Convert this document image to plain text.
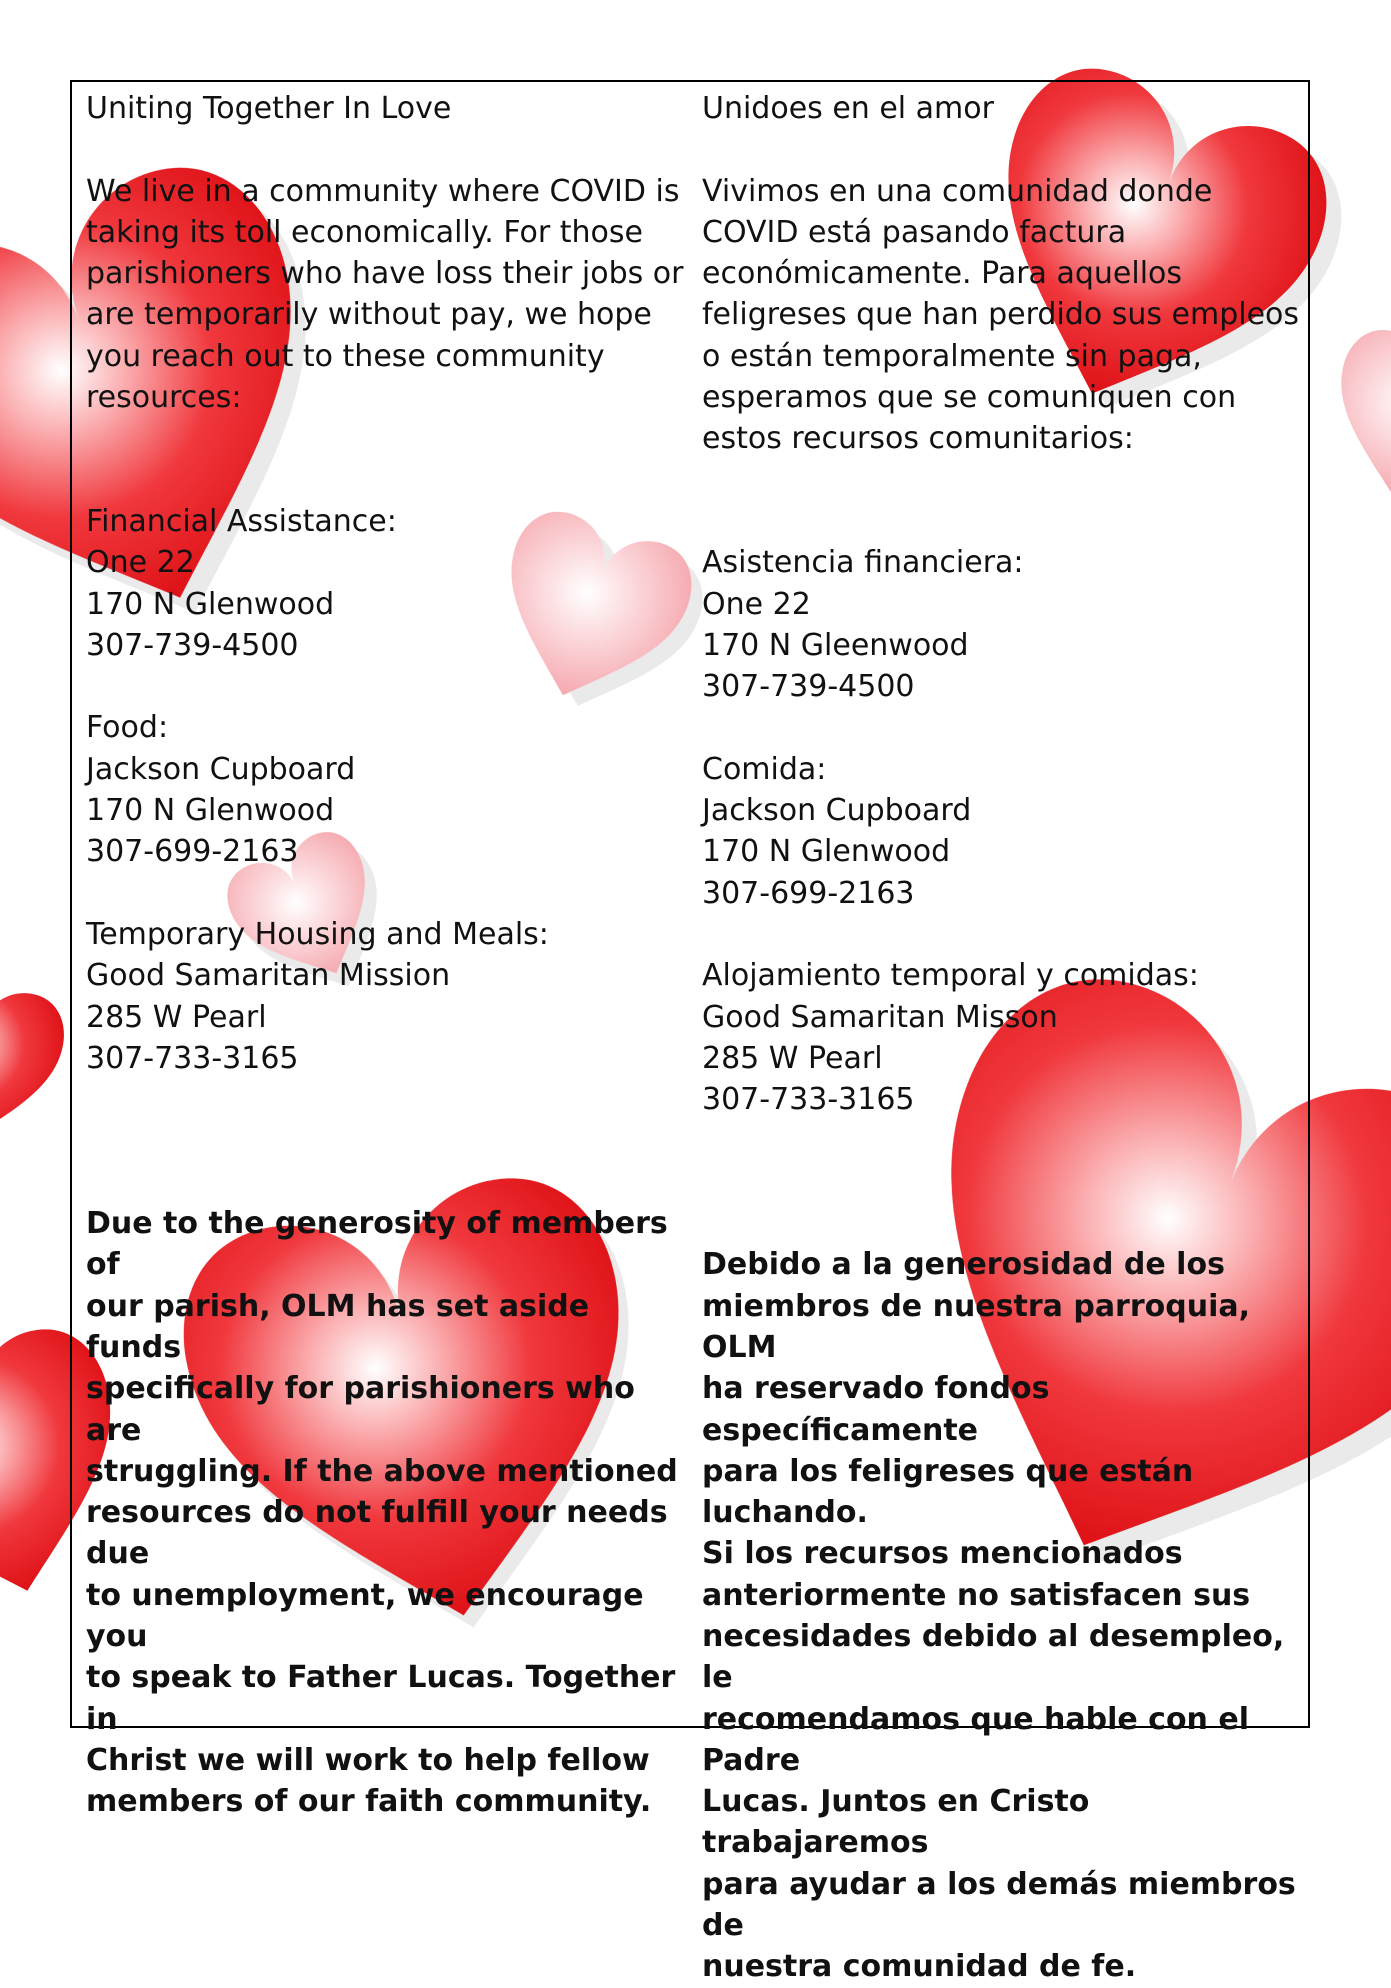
Uniting Together In Love

We live in a community where COVID is
taking its toll economically. For those
parishioners who have loss their jobs or
are temporarily without pay, we hope
you reach out to these community
resources:

Financial Assistance:
One 22
170 N Glenwood
307-739-4500
Food:
Jackson Cupboard
170 N Glenwood
307-699-2163
Temporary Housing and Meals:
Good Samaritan Mission
285 W Pearl
307-733-3165

Due to the generosity of members of
our parish, OLM has set aside funds
specifically for parishioners who are
struggling. If the above mentioned
resources do not fulfill your needs due
to unemployment, we encourage you
to speak to Father Lucas. Together in
Christ we will work to help fellow
members of our faith community.

Unidoes en el amor

Vivimos en una comunidad donde
COVID está pasando factura
económicamente. Para aquellos
feligreses que han perdido sus empleos
o están temporalmente sin paga,
esperamos que se comuniquen con
estos recursos comunitarios:

Asistencia financiera:
One 22
170 N Gleenwood
307-739-4500
Comida:
Jackson Cupboard
170 N Glenwood
307-699-2163
Alojamiento temporal y comidas:
Good Samaritan Misson
285 W Pearl
307-733-3165

Debido a la generosidad de los
miembros de nuestra parroquia, OLM
ha reservado fondos específicamente
para los feligreses que están luchando.
Si los recursos mencionados
anteriormente no satisfacen sus
necesidades debido al desempleo, le
recomendamos que hable con el Padre
Lucas. Juntos en Cristo trabajaremos
para ayudar a los demás miembros de
nuestra comunidad de fe.
